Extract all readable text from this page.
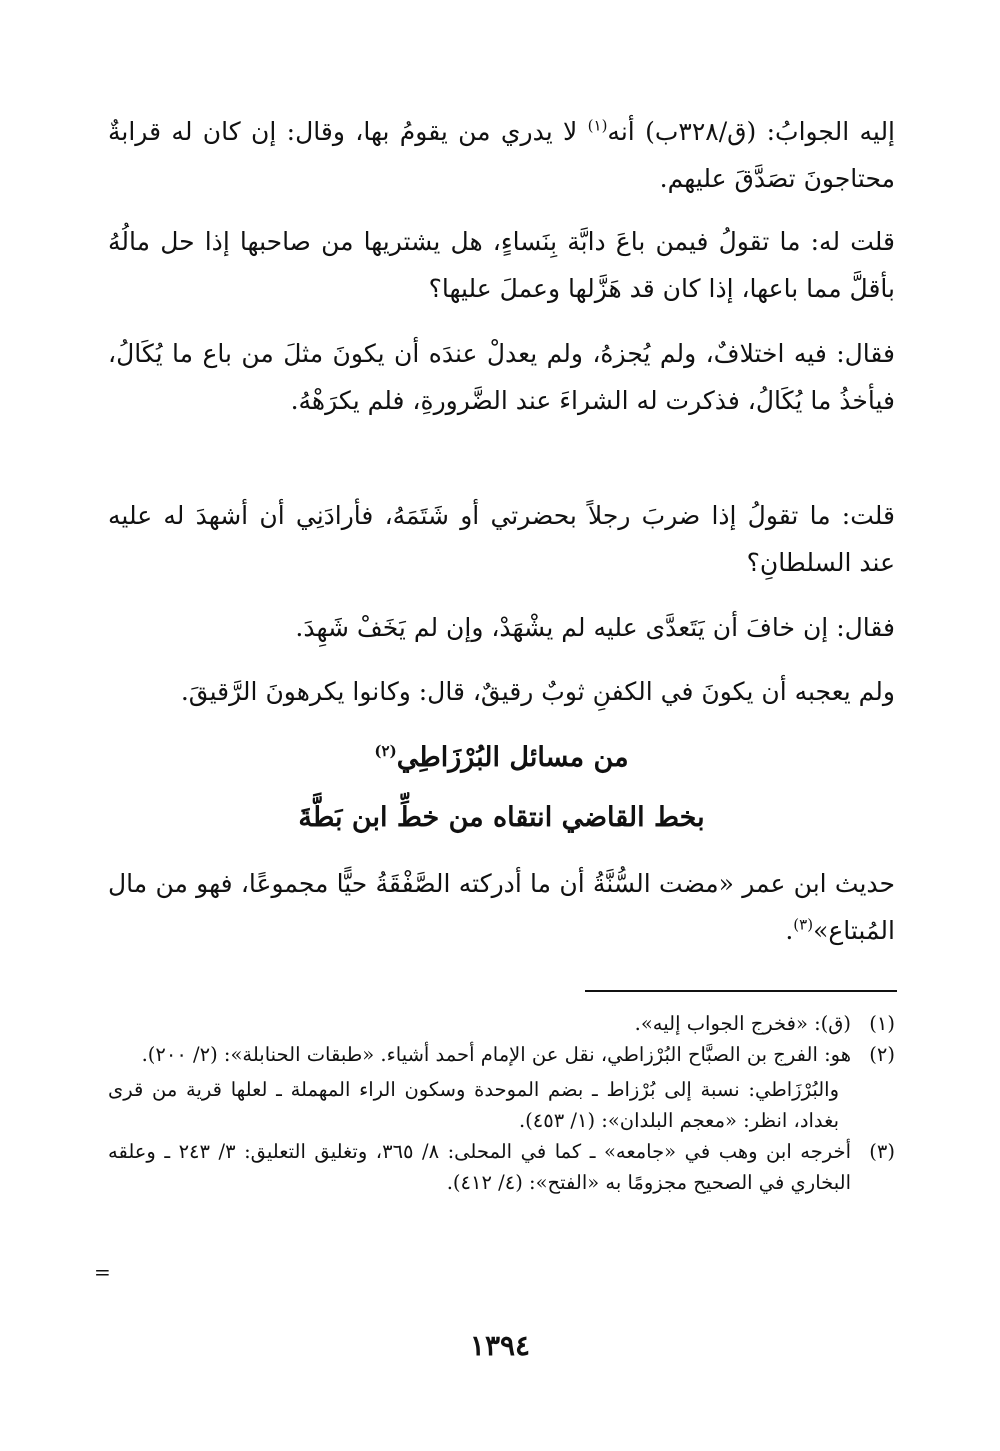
إليه الجوابُ: (ق/٣٢٨ب) أنه$^{(١)}$ لا يدري من يقومُ بها، وقال: إن كان له قرابةٌ محتاجونَ تصَدَّقَ عليهم.

قلت له: ما تقولُ فيمن باعَ دابَّة بِنَساءٍ، هل يشتريها من صاحبها إذا حل مالُهُ بأقلَّ مما باعها، إذا كان قد هَزَّلها وعملَ عليها؟

فقال: فيه اختلافٌ، ولم يُجزهُ، ولم يعدلْ عندَه أن يكونَ مثلَ من باع ما يُكَالُ، فيأخذُ ما يُكَالُ، فذكرت له الشراءَ عند الضَّرورةِ، فلم يكرَهْهُ.

قلت: ما تقولُ إذا ضربَ رجلاً بحضرتي أو شَتَمَهُ، فأرادَنِي أن أشهدَ له عليه عند السلطانِ؟

فقال: إن خافَ أن يَتَعدَّى عليه لم يشْهَدْ، وإن لم يَخَفْ شَهِدَ.

ولم يعجبه أن يكونَ في الكفنِ ثوبٌ رقيقٌ، قال: وكانوا يكرهونَ الرَّقيقَ.

من مسائل البُرْزَاطِي$^{(٢)}$
بخط القاضي انتقاه من خطِّ ابن بَطَّةَ

حديث ابن عمر «مضت السُّنَّةُ أن ما أدركته الصَّفْقَةُ حيًّا مجموعًا، فهو من مال المُبتاع»$^{(٣)}$.

(١)
(ق): «فخرج الجواب إليه».
(٢)
هو: الفرج بن الصبَّاح البُرْزاطي، نقل عن الإمام أحمد أشياء. «طبقات الحنابلة»: (٢/ ٢٠٠).
والبُرْزَاطي: نسبة إلى بُرْزاط ـ بضم الموحدة وسكون الراء المهملة ـ لعلها قرية من قرى بغداد، انظر: «معجم البلدان»: (١/ ٤٥٣).
(٣)
أخرجه ابن وهب في «جامعه» ـ كما في المحلى: ٨/ ٣٦٥، وتغليق التعليق: ٣/ ٢٤٣ ـ وعلقه البخاري في الصحيح مجزومًا به «الفتح»: (٤/ ٤١٢).
=
١٣٩٤
